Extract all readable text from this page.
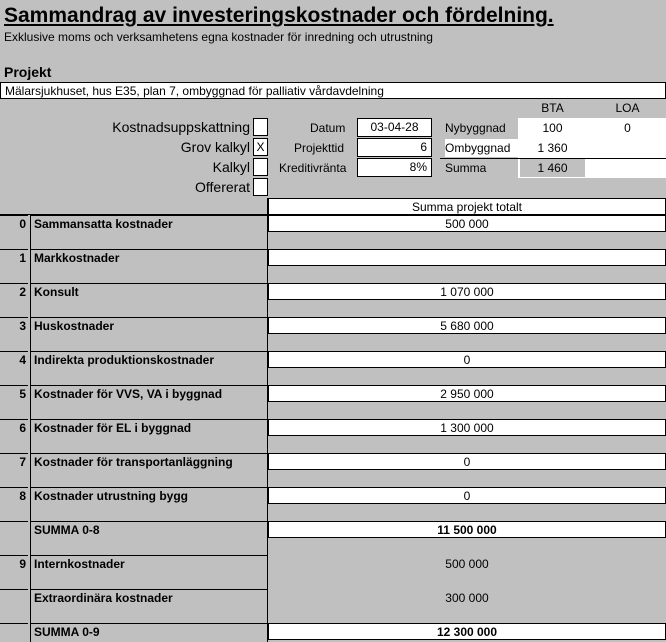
Sammandrag av investeringskostnader och fördelning.
Exklusive moms och verksamhetens egna kostnader för inredning och utrustning
Projekt
Mälarsjukhuset, hus E35, plan 7, ombyggnad för palliativ vårdavdelning
Kostnadsuppskattning
Grov kalkyl X
Kalkyl
Offererat
Datum	03-04-28
Projekttid	6
Kreditivränta	8%
BTA	LOA
Nybyggnad	100	0
Ombyggnad	1 360
Summa	1 460
Summa projekt totalt
0 Sammansatta kostnader	500 000
1 Markkostnader
2 Konsult	1 070 000
3 Huskostnader	5 680 000
4 Indirekta produktionskostnader	0
5 Kostnader för VVS, VA i byggnad	2 950 000
6 Kostnader för EL i byggnad	1 300 000
7 Kostnader för transportanläggning	0
8 Kostnader utrustning bygg	0
SUMMA 0-8	11 500 000
9 Internkostnader	500 000
Extraordinära kostnader	300 000
SUMMA 0-9	12 300 000
